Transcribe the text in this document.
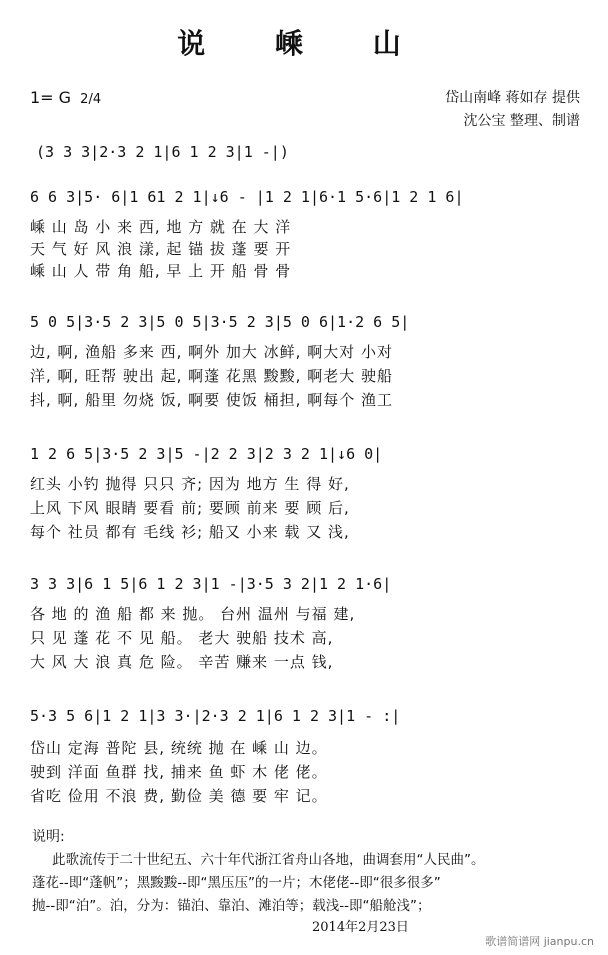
说 嵊 山
1= G 2/4	岱山南峰 蒋如存 提供
沈公宝 整理、制谱
(3 3 3|2·3 2 1|6 1 2 3|1 -|)
6 6 3|5· 6|1 61 2 1|↓6 - |1 2 1|6·1 5·6|1 2 1 6|
嵊 山 岛 小 来 西, 地 方 就 在 大 洋
天 气 好 风 浪 漾, 起 锚 拔 蓬 要 开
嵊 山 人 带 角 船, 早 上 开 船 骨 骨
5 0 5|3·5 2 3|5 0 5|3·5 2 3|5 0 6|1·2 6 5|
边, 啊, 渔船 多来 西, 啊外 加大 冰鲜, 啊大对 小对
洋, 啊, 旺帮 驶出 起, 啊蓬 花黑 黢黢, 啊老大 驶船
抖, 啊, 船里 勿烧 饭, 啊要 使饭 桶担, 啊每个 渔工
1 2 6 5|3·5 2 3|5 -|2 2 3|2 3 2 1|↓6 0|
红头 小钓 抛得 只只 齐; 因为 地方 生 得 好,
上风 下风 眼睛 要看 前; 要顾 前来 要 顾 后,
每个 社员 都有 毛线 衫; 船又 小来 载 又 浅,
3 3 3|6 1 5|6 1 2 3|1 -|3·5 3 2|1 2 1·6|
各 地 的 渔 船 都 来 抛。 台州 温州 与福 建,
只 见 蓬 花 不 见 船。 老大 驶船 技术 高,
大 风 大 浪 真 危 险。 辛苦 赚来 一点 钱,
5·3 5 6|1 2 1|3 3·|2·3 2 1|6 1 2 3|1 - :|
岱山 定海 普陀 县, 统统 抛 在 嵊 山 边。
驶到 洋面 鱼群 找, 捕来 鱼 虾 木 佬 佬。
省吃 俭用 不浪 费, 勤俭 美 德 要 牢 记。
说明:
此歌流传于二十世纪五、六十年代浙江省舟山各地，曲调套用“人民曲”。
蓬花--即“蓬帆”；黑黢黢--即“黑压压”的一片；木佬佬--即“很多很多”
抛--即“泊”。泊，分为：锚泊、靠泊、滩泊等；载浅--即“船舱浅”；
2014年2月23日
歌谱简谱网 jianpu.cn
